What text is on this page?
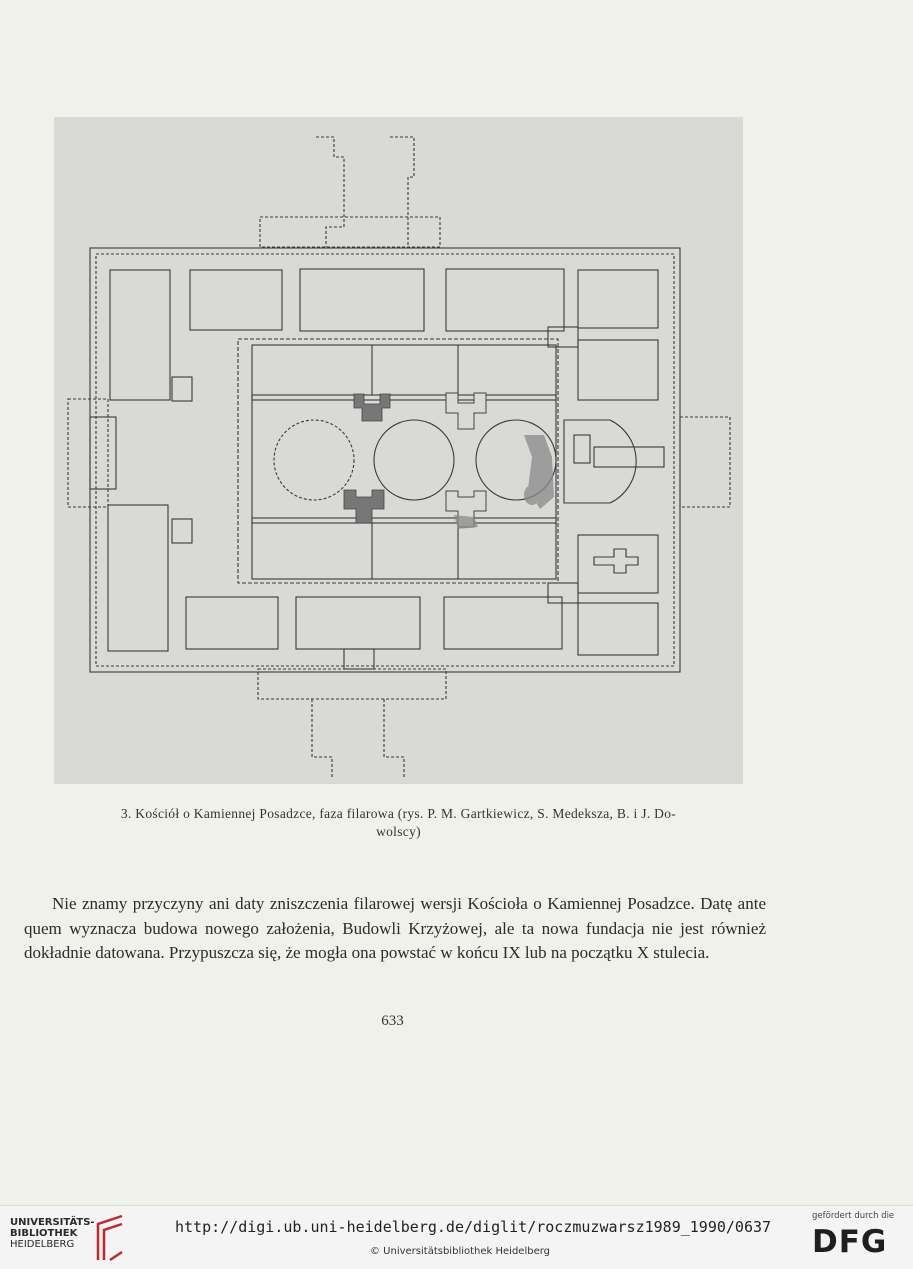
3. Kościół o Kamiennej Posadzce, faza filarowa (rys. P. M. Gartkiewicz, S. Medeksza, B. i J. Do-
wolscy)

Nie znamy przyczyny ani daty zniszczenia filarowej wersji Kościoła o Kamiennej Posadzce. Datę ante quem wyznacza budowa nowego założenia, Budowli Krzyżowej, ale ta nowa fundacja nie jest również dokładnie datowana. Przypuszcza się, że mogła ona powstać w końcu IX lub na początku X stulecia.

633
UNIVERSITÄTS-
BIBLIOTHEK
HEIDELBERG
http://digi.ub.uni-heidelberg.de/diglit/roczmuzwarsz1989_1990/0637
© Universitätsbibliothek Heidelberg
gefördert durch die
DFG
